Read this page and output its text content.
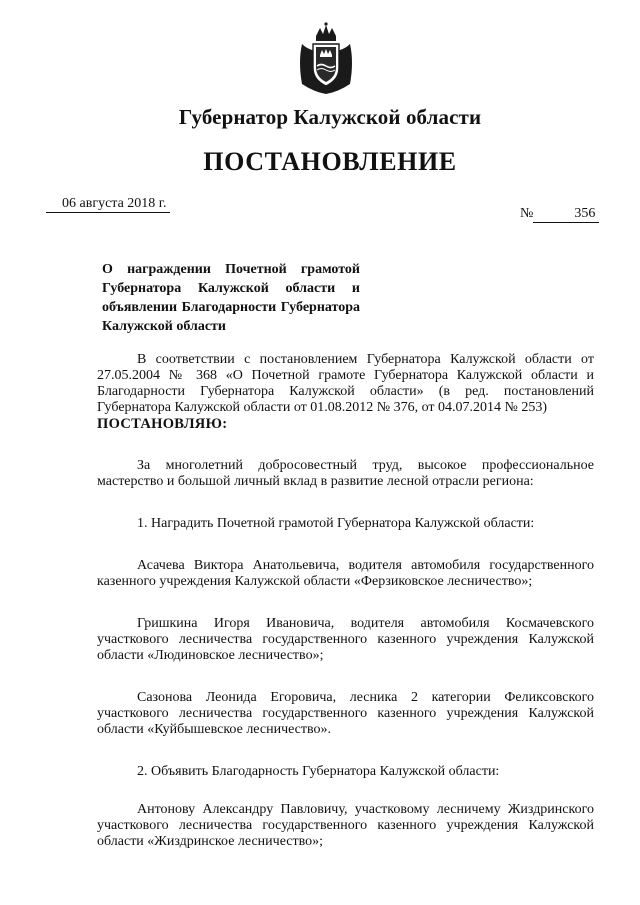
Губернатор Калужской области
ПОСТАНОВЛЕНИЕ
06 августа 2018 г.
№	356
О награждении Почетной грамотой Губернатора Калужской области и объявлении Благодарности Губернатора Калужской области

В соответствии с постановлением Губернатора Калужской области от 27.05.2004 № 368 «О Почетной грамоте Губернатора Калужской области и Благодарности Губернатора Калужской области» (в ред. постановлений Губернатора Калужской области от 01.08.2012 № 376, от 04.07.2014 № 253)

ПОСТАНОВЛЯЮ:

За многолетний добросовестный труд, высокое профессиональное мастерство и большой личный вклад в развитие лесной отрасли региона:

1. Наградить Почетной грамотой Губернатора Калужской области:

Асачева Виктора Анатольевича, водителя автомобиля государственного казенного учреждения Калужской области «Ферзиковское лесничество»;

Гришкина Игоря Ивановича, водителя автомобиля Космачевского участкового лесничества государственного казенного учреждения Калужской области «Людиновское лесничество»;

Сазонова Леонида Егоровича, лесника 2 категории Феликсовского участкового лесничества государственного казенного учреждения Калужской области «Куйбышевское лесничество».

2. Объявить Благодарность Губернатора Калужской области:

Антонову Александру Павловичу, участковому лесничему Жиздринского участкового лесничества государственного казенного учреждения Калужской области «Жиздринское лесничество»;
